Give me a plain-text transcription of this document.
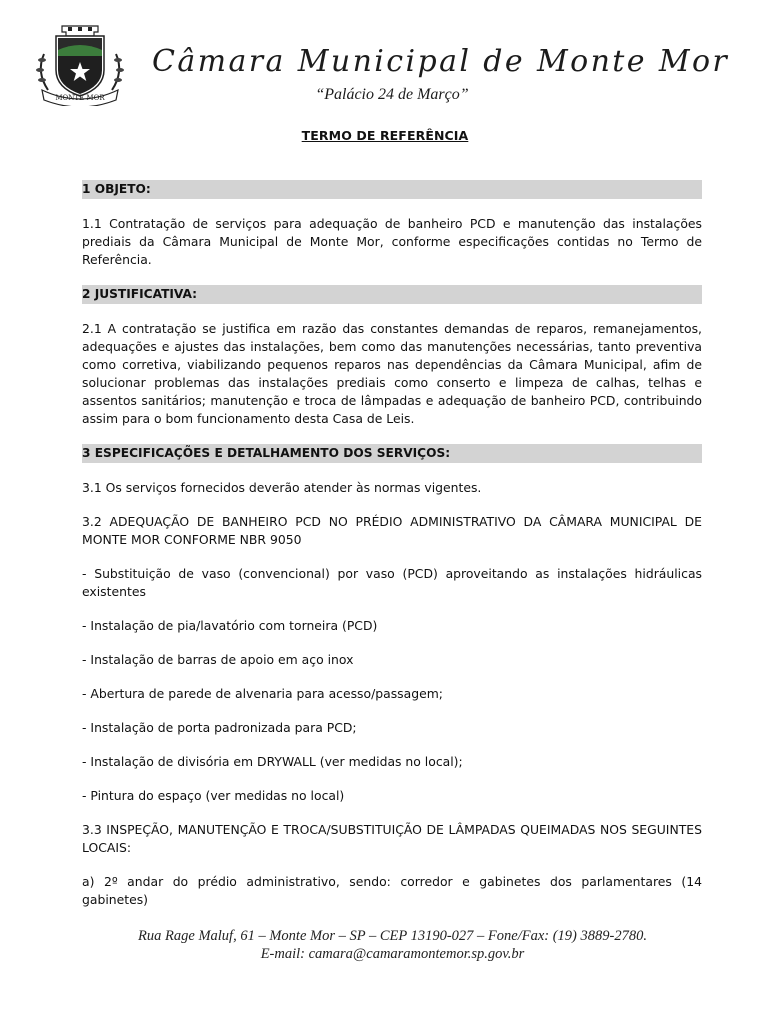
MONTE MOR
Câmara Municipal de Monte Mor
“Palácio 24 de Março”
TERMO DE REFERÊNCIA
1 OBJETO:

1.1 Contratação de serviços para adequação de banheiro PCD e manutenção das instalações prediais da Câmara Municipal de Monte Mor, conforme especificações contidas no Termo de Referência.

2 JUSTIFICATIVA:

2.1 A contratação se justifica em razão das constantes demandas de reparos, remanejamentos, adequações e ajustes das instalações, bem como das manutenções necessárias, tanto preventiva como corretiva, viabilizando pequenos reparos nas dependências da Câmara Municipal, afim de solucionar problemas das instalações prediais como conserto e limpeza de calhas, telhas e assentos sanitários; manutenção e troca de lâmpadas e adequação de banheiro PCD, contribuindo assim para o bom funcionamento desta Casa de Leis.

3 ESPECIFICAÇÕES E DETALHAMENTO DOS SERVIÇOS:

3.1 Os serviços fornecidos deverão atender às normas vigentes.

3.2 ADEQUAÇÃO DE BANHEIRO PCD NO PRÉDIO ADMINISTRATIVO DA CÂMARA MUNICIPAL DE MONTE MOR CONFORME NBR 9050

- Substituição de vaso (convencional) por vaso (PCD) aproveitando as instalações hidráulicas existentes

- Instalação de pia/lavatório com torneira (PCD)

- Instalação de barras de apoio em aço inox

- Abertura de parede de alvenaria para acesso/passagem;

- Instalação de porta padronizada para PCD;

- Instalação de divisória em DRYWALL (ver medidas no local);

- Pintura do espaço (ver medidas no local)

3.3 INSPEÇÃO, MANUTENÇÃO E TROCA/SUBSTITUIÇÃO DE LÂMPADAS QUEIMADAS NOS SEGUINTES LOCAIS:

a) 2º andar do prédio administrativo, sendo: corredor e gabinetes dos parlamentares (14 gabinetes)

Rua Rage Maluf, 61 – Monte Mor – SP – CEP 13190-027 – Fone/Fax: (19) 3889-2780.
E-mail: camara@camaramontemor.sp.gov.br
